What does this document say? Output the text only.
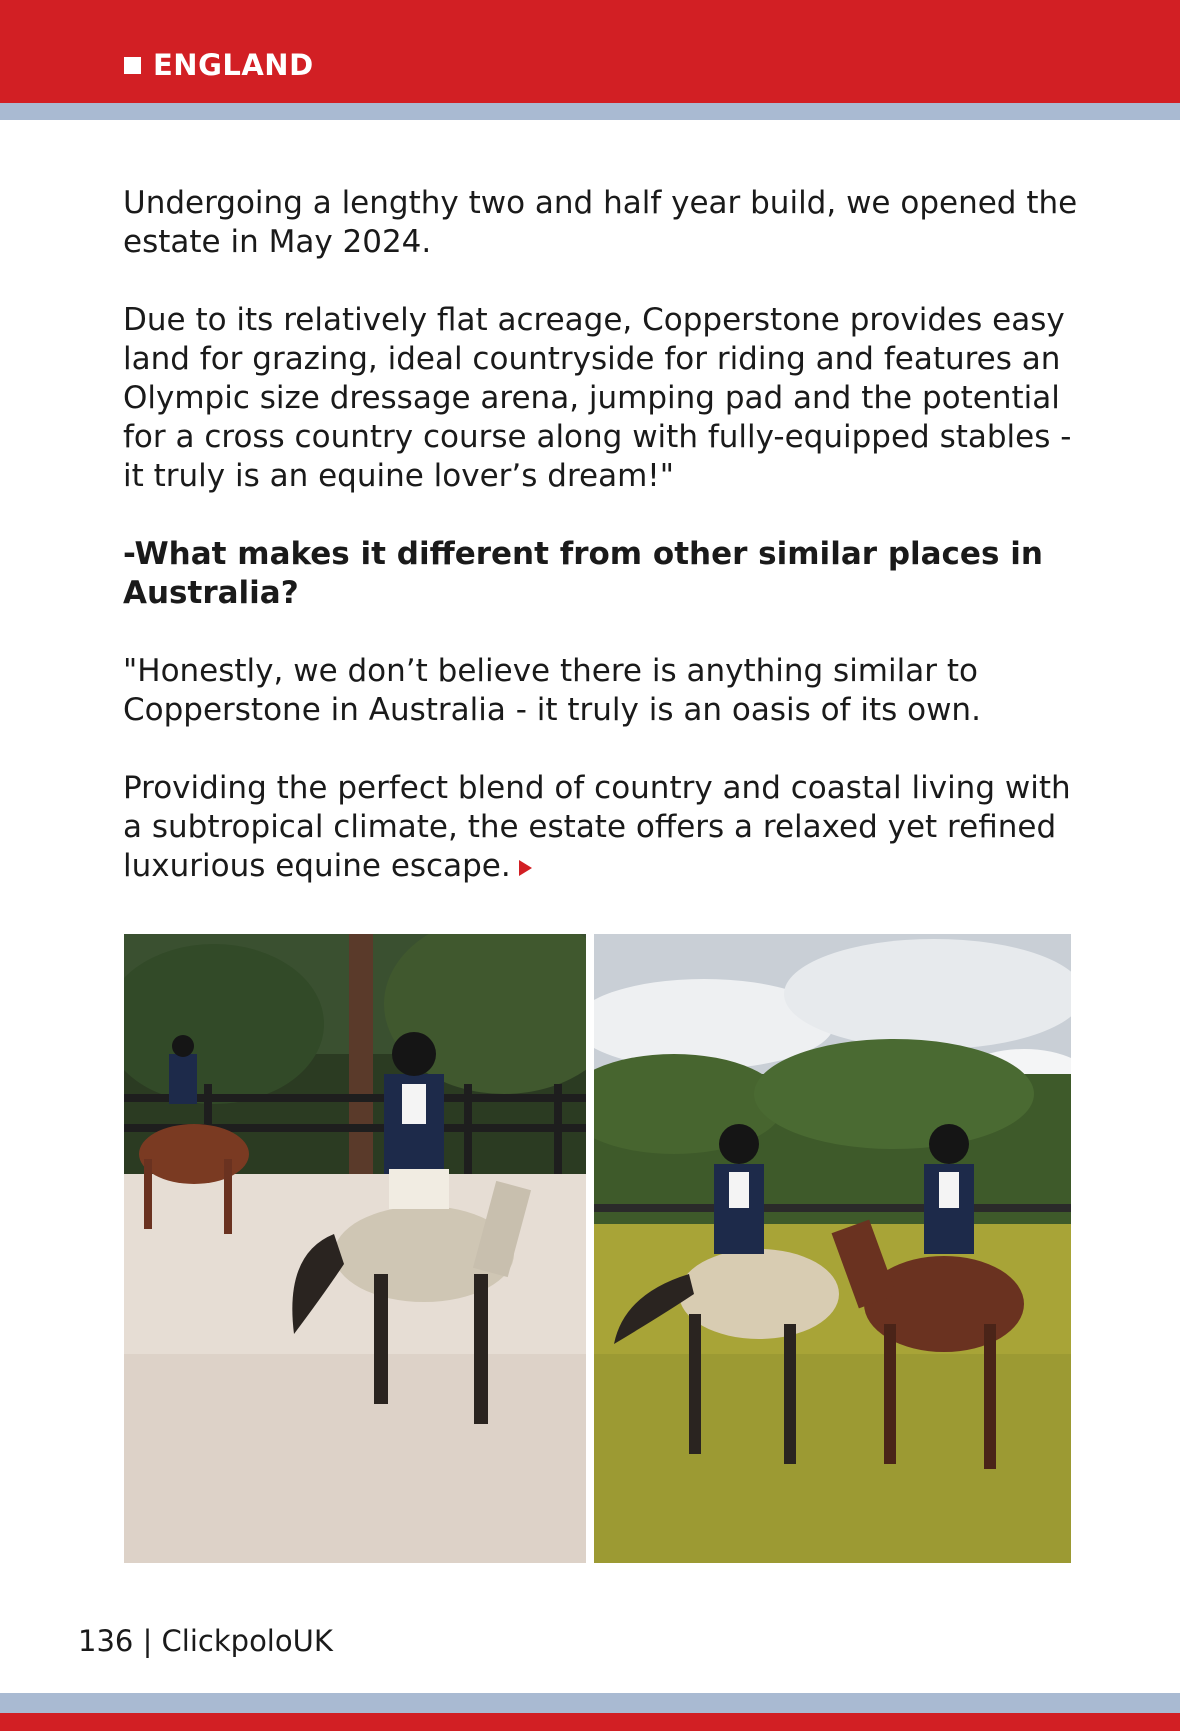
ENGLAND

Undergoing a lengthy two and half year build, we opened the estate in May 2024.

Due to its relatively flat acreage, Copperstone provides easy land for grazing, ideal countryside for riding and features an Olympic size dressage arena, jumping pad and the potential for a cross country course along with fully-equipped stables - it truly is an equine lover’s dream!"

-What makes it different from other similar places in Australia?

"Honestly, we don’t believe there is anything similar to Copperstone in Australia - it truly is an oasis of its own.

Providing the perfect blend of country and coastal living with a subtropical climate, the estate offers a relaxed yet refined luxurious equine escape.

136 | ClickpoloUK
